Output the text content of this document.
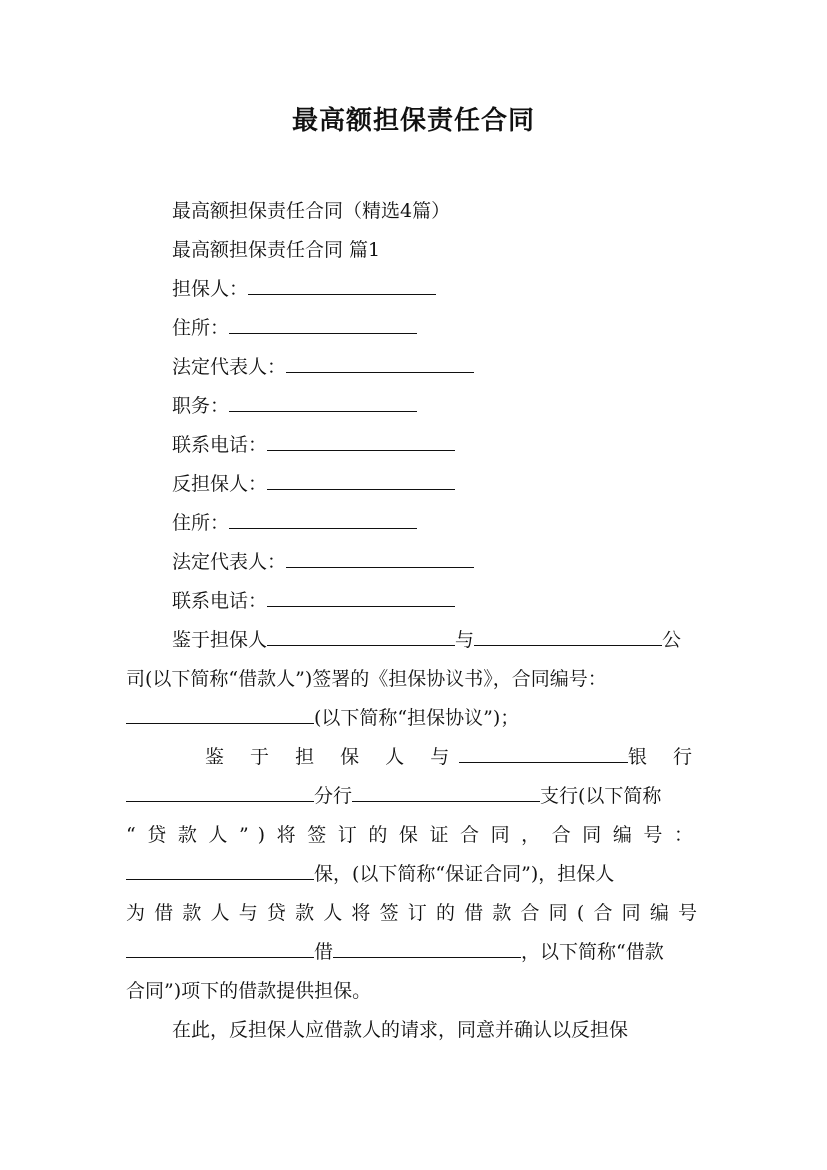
最高额担保责任合同
最高额担保责任合同（精选4篇）
最高额担保责任合同 篇1
担保人：
住所：
法定代表人：
职务：
联系电话：
反担保人：
住所：
法定代表人：
联系电话：
鉴于担保人	与	公
司(以下简称“借款人”)签署的《担保协议书》，合同编号：
(以下简称“担保协议”)；
鉴 于 担 保 人 与	银 行
分行	支行(以下简称
“贷款人”)将签订的保证合同，合同编号：
保，(以下简称“保证合同”)，担保人
为借款人与贷款人将签订的借款合同(合同编号
借	，以下简称“借款
合同”)项下的借款提供担保。
在此，反担保人应借款人的请求，同意并确认以反担保
